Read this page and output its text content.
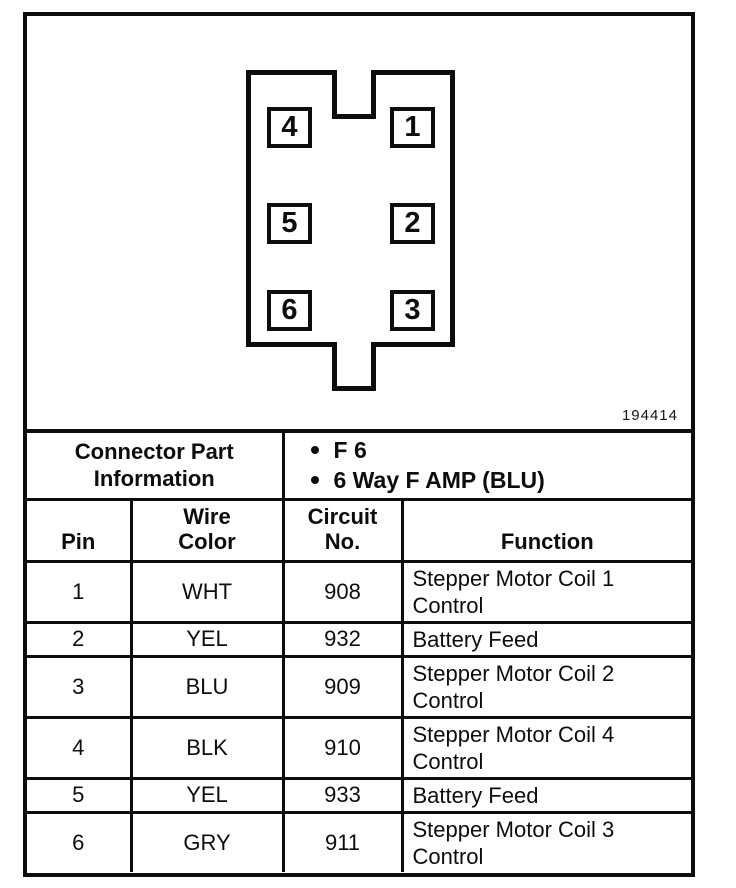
4	1
5	2
6	3
194414
Connector Part Information		F 6
6 Way F AMP (BLU)	

Pin	Wire Color	Circuit No.	Function
1	WHT	908	Stepper Motor Coil 1 Control
2	YEL	932	Battery Feed
3	BLU	909	Stepper Motor Coil 2 Control
4	BLK	910	Stepper Motor Coil 4 Control
5	YEL	933	Battery Feed
6	GRY	911	Stepper Motor Coil 3 Control
